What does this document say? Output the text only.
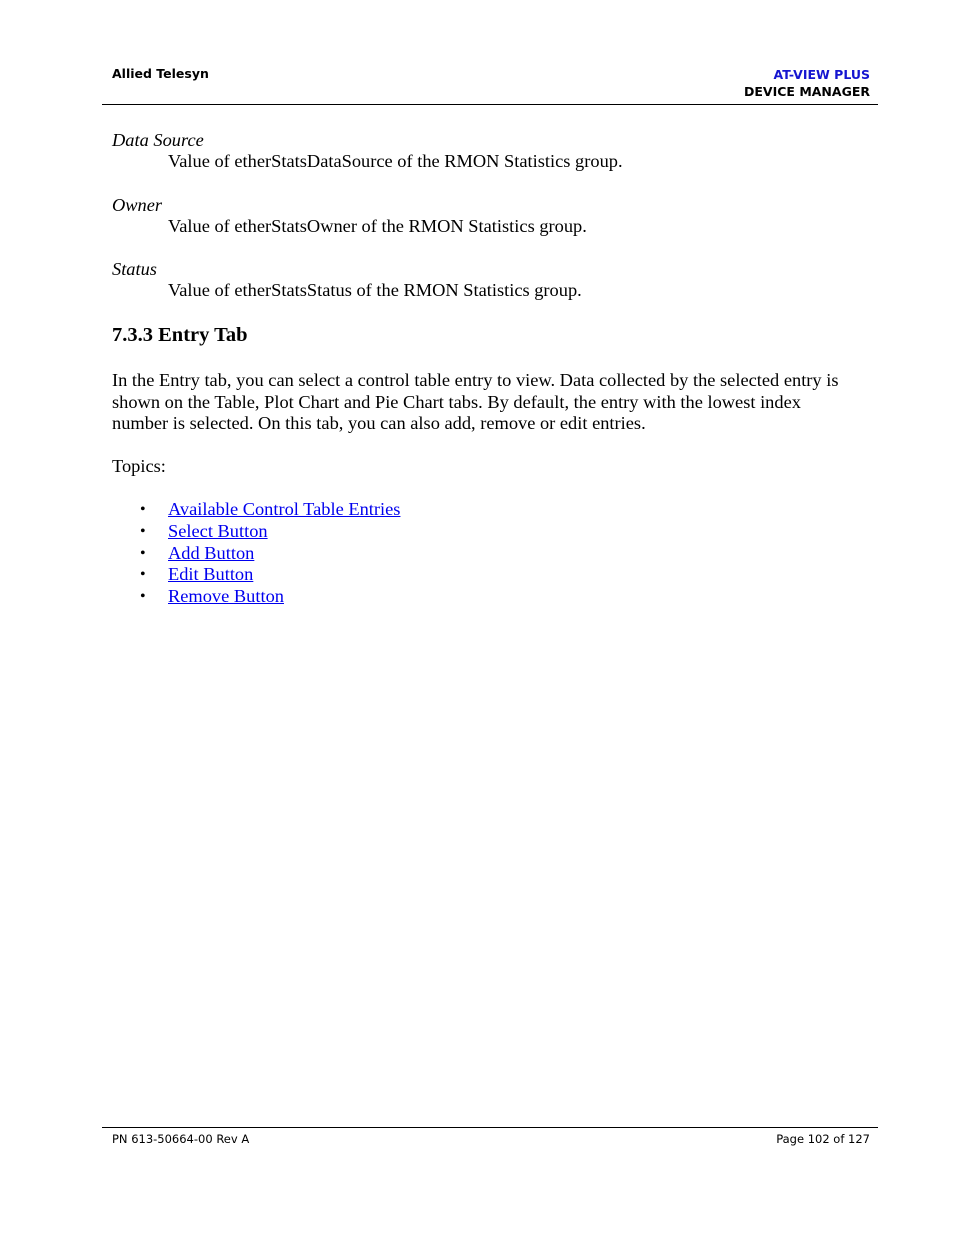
Allied Telesyn	AT-VIEW PLUS
DEVICE MANAGER
Data Source
Value of etherStatsDataSource of the RMON Statistics group.
Owner
Value of etherStatsOwner of the RMON Statistics group.
Status
Value of etherStatsStatus of the RMON Statistics group.
7.3.3 Entry Tab
In the Entry tab, you can select a control table entry to view. Data collected by the selected entry is
shown on the Table, Plot Chart and Pie Chart tabs. By default, the entry with the lowest index
number is selected. On this tab, you can also add, remove or edit entries.
Topics:
• Available Control Table Entries
• Select Button
• Add Button
• Edit Button
• Remove Button
PN 613-50664-00 Rev A	Page 102 of 127
